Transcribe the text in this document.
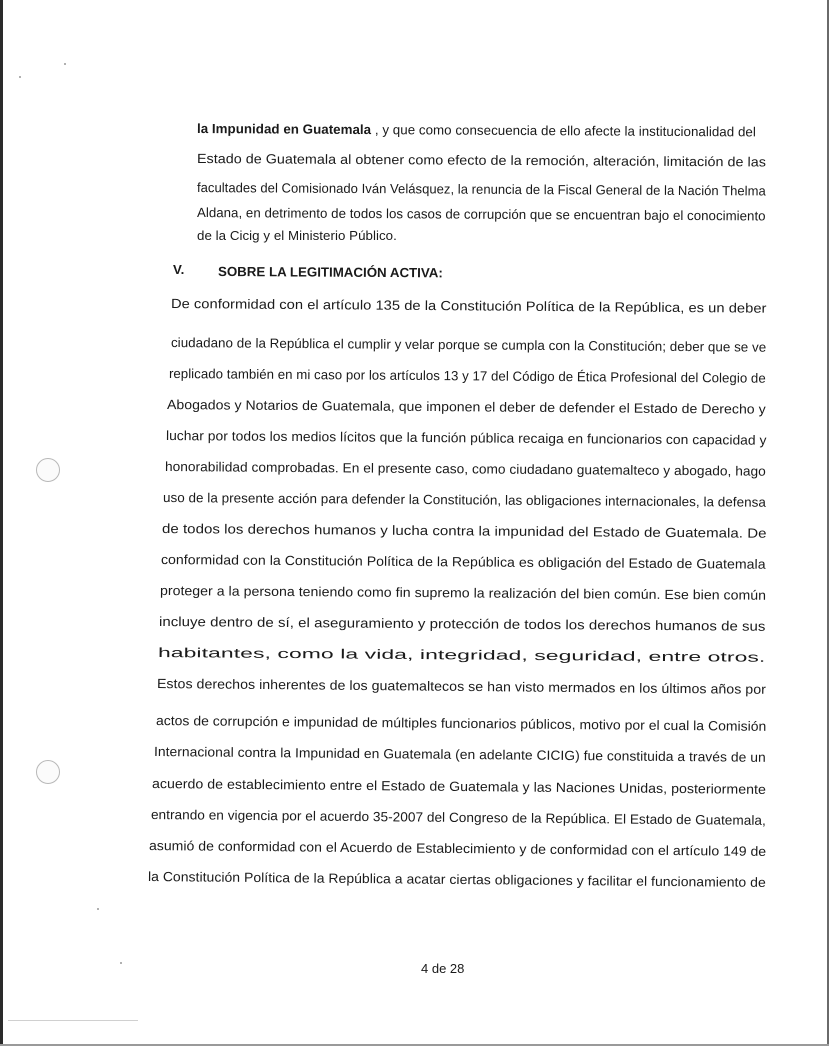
la Impunidad en Guatemala , y que como consecuencia de ello afecte la institucionalidad del
Estado de Guatemala al obtener como efecto de la remoción, alteración, limitación de las
facultades del Comisionado Iván Velásquez, la renuncia de la Fiscal General de la Nación Thelma
Aldana, en detrimento de todos los casos de corrupción que se encuentran bajo el conocimiento
de la Cicig y el Ministerio Público.
V.	SOBRE LA LEGITIMACIÓN ACTIVA:
De conformidad con el artículo 135 de la Constitución Política de la República, es un deber
ciudadano de la República el cumplir y velar porque se cumpla con la Constitución; deber que se ve
replicado también en mi caso por los artículos 13 y 17 del Código de Ética Profesional del Colegio de
Abogados y Notarios de Guatemala, que imponen el deber de defender el Estado de Derecho y
luchar por todos los medios lícitos que la función pública recaiga en funcionarios con capacidad y
honorabilidad comprobadas. En el presente caso, como ciudadano guatemalteco y abogado, hago
uso de la presente acción para defender la Constitución, las obligaciones internacionales, la defensa
de todos los derechos humanos y lucha contra la impunidad del Estado de Guatemala. De
conformidad con la Constitución Política de la República es obligación del Estado de Guatemala
proteger a la persona teniendo como fin supremo la realización del bien común. Ese bien común
incluye dentro de sí, el aseguramiento y protección de todos los derechos humanos de sus
habitantes, como la vida, integridad, seguridad, entre otros.
Estos derechos inherentes de los guatemaltecos se han visto mermados en los últimos años por
actos de corrupción e impunidad de múltiples funcionarios públicos, motivo por el cual la Comisión
Internacional contra la Impunidad en Guatemala (en adelante CICIG) fue constituida a través de un
acuerdo de establecimiento entre el Estado de Guatemala y las Naciones Unidas, posteriormente
entrando en vigencia por el acuerdo 35-2007 del Congreso de la República. El Estado de Guatemala,
asumió de conformidad con el Acuerdo de Establecimiento y de conformidad con el artículo 149 de
la Constitución Política de la República a acatar ciertas obligaciones y facilitar el funcionamiento de
4 de 28
